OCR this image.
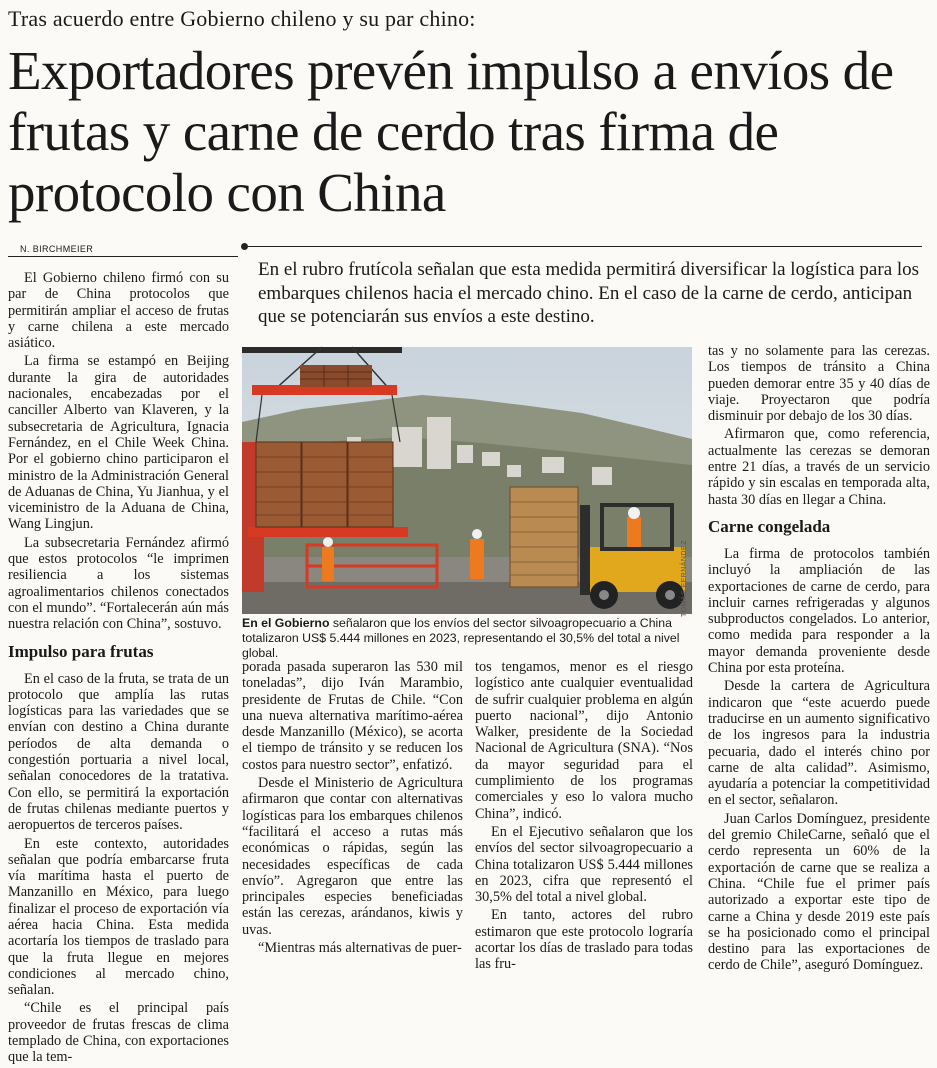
Tras acuerdo entre Gobierno chileno y su par chino:
Exportadores prevén impulso a envíos de frutas y carne de cerdo tras firma de protocolo con China
N. BIRCHMEIER
En el rubro frutícola señalan que esta medida permitirá diversificar la logística para los embarques chilenos hacia el mercado chino. En el caso de la carne de cerdo, anticipan que se potenciarán sus envíos a este destino.

El Gobierno chileno firmó con su par de China protocolos que permitirán ampliar el acceso de frutas y carne chilena a este mercado asiático.

La firma se estampó en Beijing durante la gira de autoridades nacionales, encabezadas por el canciller Alberto van Klaveren, y la subsecretaria de Agricultura, Ignacia Fernández, en el Chile Week China. Por el gobierno chino participaron el ministro de la Administración General de Aduanas de China, Yu Jianhua, y el viceministro de la Aduana de China, Wang Lingjun.

La subsecretaria Fernández afirmó que estos protocolos “le imprimen resiliencia a los sistemas agroalimentarios chilenos conectados con el mundo”. “Fortalecerán aún más nuestra relación con China”, sostuvo.

Impulso para frutas

En el caso de la fruta, se trata de un protocolo que amplía las rutas logísticas para las variedades que se envían con destino a China durante períodos de alta demanda o congestión portuaria a nivel local, señalan conocedores de la tratativa. Con ello, se permitirá la exportación de frutas chilenas mediante puertos y aeropuertos de terceros países.

En este contexto, autoridades señalan que podría embarcarse fruta vía marítima hasta el puerto de Manzanillo en México, para luego finalizar el proceso de exportación vía aérea hacia China. Esta medida acortaría los tiempos de traslado para que la fruta llegue en mejores condiciones al mercado chino, señalan.

“Chile es el principal país proveedor de frutas frescas de clima templado de China, con exportaciones que la tem-

TOMÁS FERNÁNDEZ
En el Gobierno señalaron que los envíos del sector silvoagropecuario a China totalizaron US$ 5.444 millones en 2023, representando el 30,5% del total a nivel global.

porada pasada superaron las 530 mil toneladas”, dijo Iván Marambio, presidente de Frutas de Chile. “Con una nueva alternativa marítimo-aérea desde Manzanillo (México), se acorta el tiempo de tránsito y se reducen los costos para nuestro sector”, enfatizó.

Desde el Ministerio de Agricultura afirmaron que contar con alternativas logísticas para los embarques chilenos “facilitará el acceso a rutas más económicas o rápidas, según las necesidades específicas de cada envío”. Agregaron que entre las principales especies beneficiadas están las cerezas, arándanos, kiwis y uvas.

“Mientras más alternativas de puer-

tos tengamos, menor es el riesgo logístico ante cualquier eventualidad de sufrir cualquier problema en algún puerto nacional”, dijo Antonio Walker, presidente de la Sociedad Nacional de Agricultura (SNA). “Nos da mayor seguridad para el cumplimiento de los programas comerciales y eso lo valora mucho China”, indicó.

En el Ejecutivo señalaron que los envíos del sector silvoagropecuario a China totalizaron US$ 5.444 millones en 2023, cifra que representó el 30,5% del total a nivel global.

En tanto, actores del rubro estimaron que este protocolo lograría acortar los días de traslado para todas las fru-

tas y no solamente para las cerezas. Los tiempos de tránsito a China pueden demorar entre 35 y 40 días de viaje. Proyectaron que podría disminuir por debajo de los 30 días.

Afirmaron que, como referencia, actualmente las cerezas se demoran entre 21 días, a través de un servicio rápido y sin escalas en temporada alta, hasta 30 días en llegar a China.

Carne congelada

La firma de protocolos también incluyó la ampliación de las exportaciones de carne de cerdo, para incluir carnes refrigeradas y algunos subproductos congelados. Lo anterior, como medida para responder a la mayor demanda proveniente desde China por esta proteína.

Desde la cartera de Agricultura indicaron que “este acuerdo puede traducirse en un aumento significativo de los ingresos para la industria pecuaria, dado el interés chino por carne de alta calidad”. Asimismo, ayudaría a potenciar la competitividad en el sector, señalaron.

Juan Carlos Domínguez, presidente del gremio ChileCarne, señaló que el cerdo representa un 60% de la exportación de carne que se realiza a China. “Chile fue el primer país autorizado a exportar este tipo de carne a China y desde 2019 este país se ha posicionado como el principal destino para las exportaciones de cerdo de Chile”, aseguró Domínguez.
